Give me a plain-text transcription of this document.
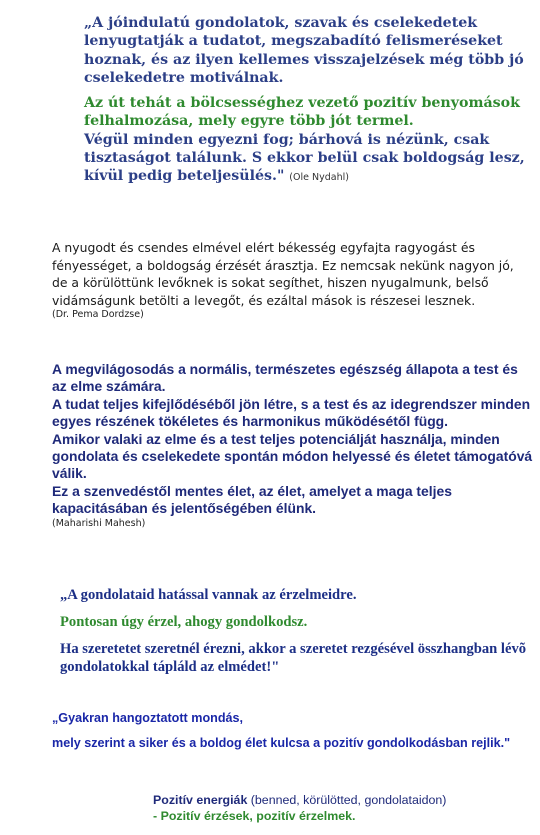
„A jóindulatú gondolatok, szavak és cselekedetek lenyugtatják a tudatot, megszabadító felismeréseket hoznak, és az ilyen kellemes visszajelzések még több jó cselekedetre motiválnak.

Az út tehát a bölcsességhez vezető pozitív benyomások felhalmozása, mely egyre több jót termel.

Végül minden egyezni fog; bárhová is nézünk, csak tisztaságot találunk. S ekkor belül csak boldogság lesz, kívül pedig beteljesülés." (Ole Nydahl)

A nyugodt és csendes elmével elért békesség egyfajta ragyogást és fényességet, a boldogság érzését árasztja. Ez nemcsak nekünk nagyon jó, de a körülöttünk levőknek is sokat segíthet, hiszen nyugalmunk, belső vidámságunk betölti a levegőt, és ezáltal mások is részesei lesznek.

(Dr. Pema Dordzse)

A megvilágosodás a normális, természetes egészség állapota a test és az elme számára.

A tudat teljes kifejlődéséből jön létre, s a test és az idegrendszer minden egyes részének tökéletes és harmonikus működésétől függ.

Amikor valaki az elme és a test teljes potenciálját használja, minden gondolata és cselekedete spontán módon helyessé és életet támogatóvá válik.

Ez a szenvedéstől mentes élet, az élet, amelyet a maga teljes kapacitásában és jelentőségében élünk.

(Maharishi Mahesh)

„A gondolataid hatással vannak az érzelmeidre.

Pontosan úgy érzel, ahogy gondolkodsz.

Ha szeretetet szeretnél érezni, akkor a szeretet rezgésével összhangban lévõ gondolatokkal tápláld az elmédet!"

„Gyakran hangoztatott mondás,

mely szerint a siker és a boldog élet kulcsa a pozitív gondolkodásban rejlik."

Pozitív energiák (benned, körülötted, gondolataidon)

- Pozitív érzések, pozitív érzelmek.
